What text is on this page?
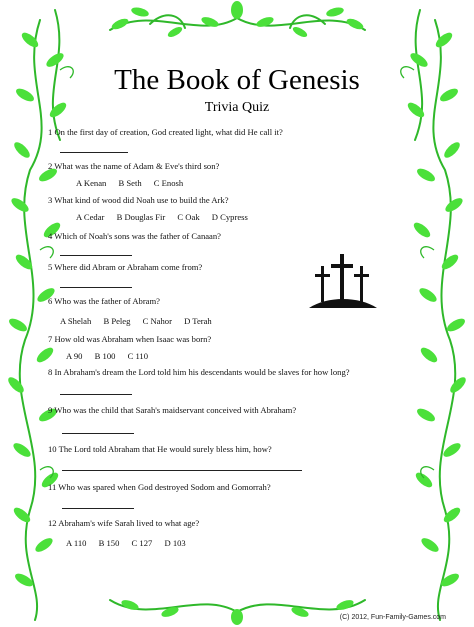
The Book of Genesis
Trivia Quiz
1 On the first day of creation, God created light, what did He call it?
2 What was the name of Adam & Eve's third son?
A Kenan B Seth C Enosh
3 What kind of wood did Noah use to build the Ark?
A Cedar B Douglas Fir C Oak D Cypress
4 Which of Noah's sons was the father of Canaan?
5 Where did Abram or Abraham come from?
6 Who was the father of Abram?
A Shelah B Peleg C Nahor D Terah
7 How old was Abraham when Isaac was born?
A 90 B 100 C 110
8 In Abraham's dream the Lord told him his descendants would be slaves for how long?
9 Who was the child that Sarah's maidservant conceived with Abraham?
10 The Lord told Abraham that He would surely bless him, how?
11 Who was spared when God destroyed Sodom and Gomorrah?
12 Abraham's wife Sarah lived to what age?
A 110 B 150 C 127 D 103
(C) 2012, Fun-Family-Games.com
